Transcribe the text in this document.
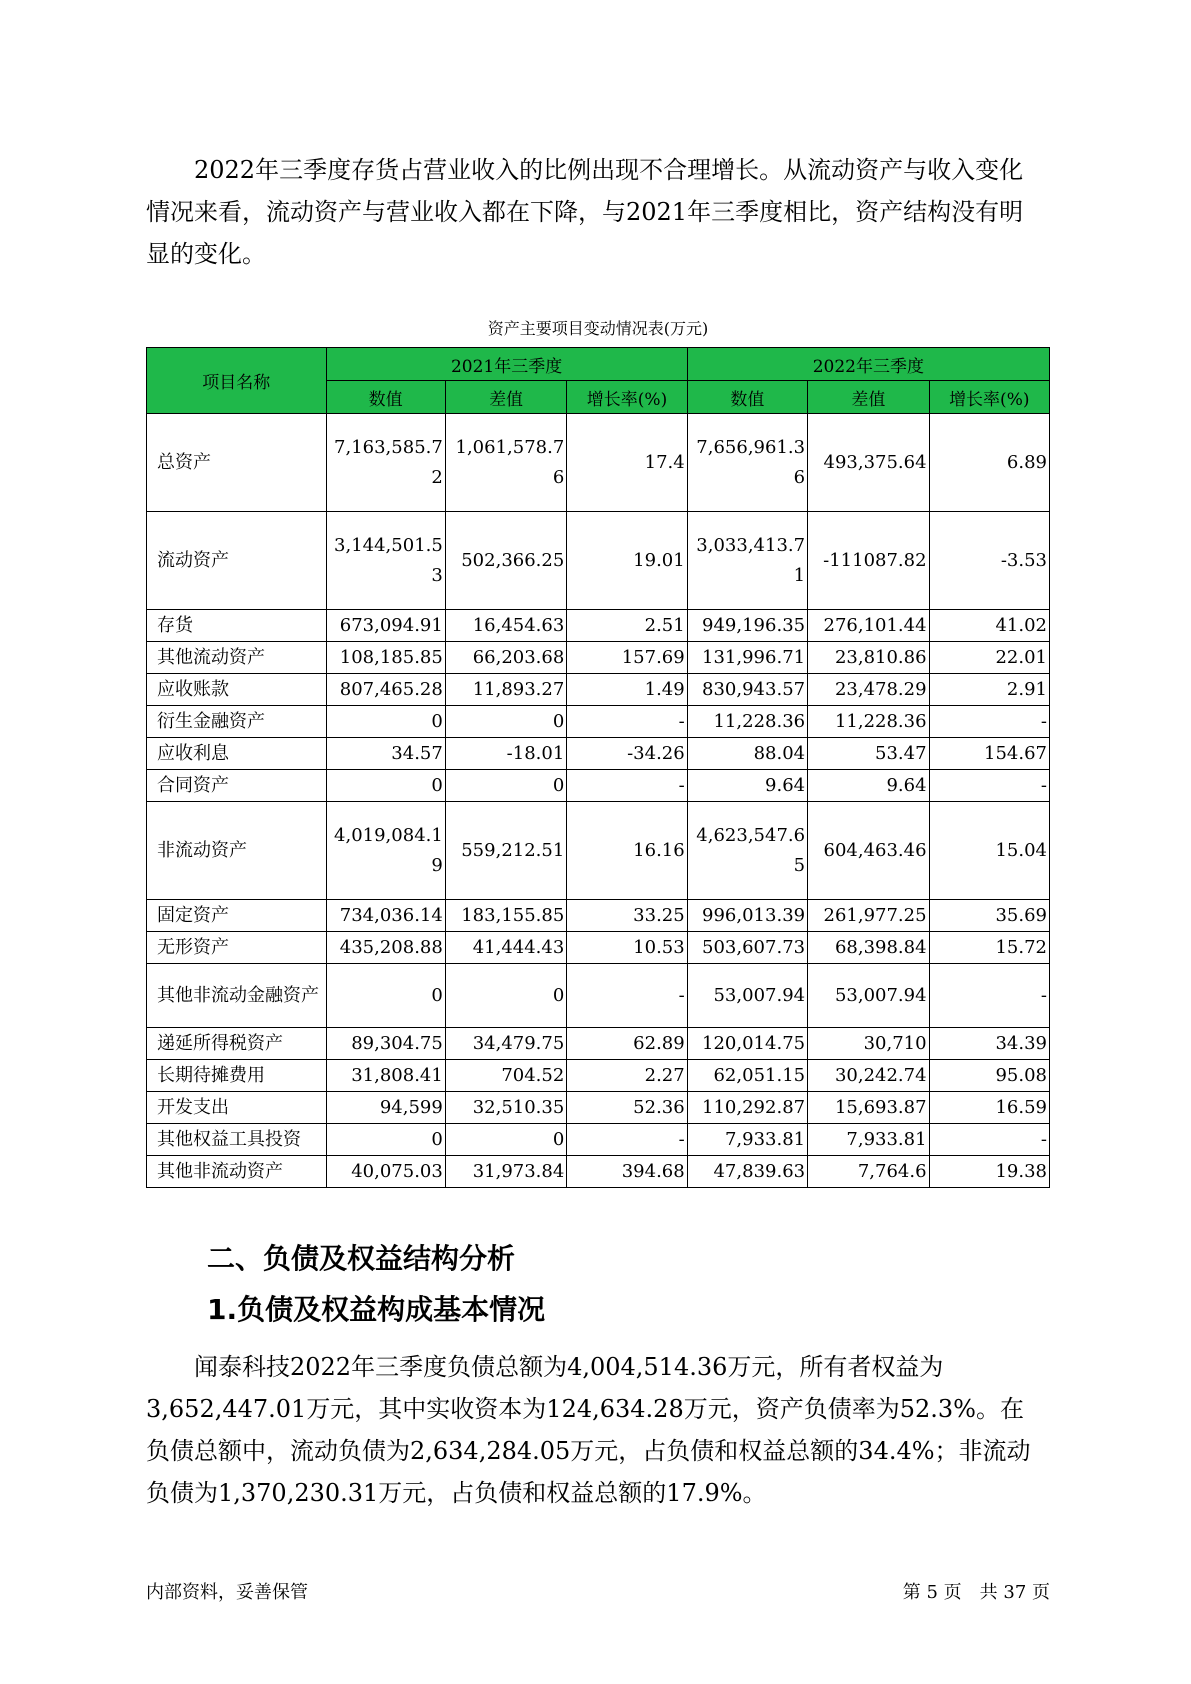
2022年三季度存货占营业收入的比例出现不合理增长。从流动资产与收入变化情况来看，流动资产与营业收入都在下降，与2021年三季度相比，资产结构没有明显的变化。

资产主要项目变动情况表(万元)
项目名称	2021年三季度			2022年三季度		
	数值	差值	增长率(%)	数值	差值	增长率(%)
总资产	7,163,585.72	1,061,578.76	17.4	7,656,961.36	493,375.64	6.89
流动资产	3,144,501.53	502,366.25	19.01	3,033,413.71	-111087.82	-3.53
存货	673,094.91	16,454.63	2.51	949,196.35	276,101.44	41.02
其他流动资产	108,185.85	66,203.68	157.69	131,996.71	23,810.86	22.01
应收账款	807,465.28	11,893.27	1.49	830,943.57	23,478.29	2.91
衍生金融资产	0	0	-	11,228.36	11,228.36	-
应收利息	34.57	-18.01	-34.26	88.04	53.47	154.67
合同资产	0	0	-	9.64	9.64	-
非流动资产	4,019,084.19	559,212.51	16.16	4,623,547.65	604,463.46	15.04
固定资产	734,036.14	183,155.85	33.25	996,013.39	261,977.25	35.69
无形资产	435,208.88	41,444.43	10.53	503,607.73	68,398.84	15.72
其他非流动金融资产	0	0	-	53,007.94	53,007.94	-
递延所得税资产	89,304.75	34,479.75	62.89	120,014.75	30,710	34.39
长期待摊费用	31,808.41	704.52	2.27	62,051.15	30,242.74	95.08
开发支出	94,599	32,510.35	52.36	110,292.87	15,693.87	16.59
其他权益工具投资	0	0	-	7,933.81	7,933.81	-
其他非流动资产	40,075.03	31,973.84	394.68	47,839.63	7,764.6	19.38
二、负债及权益结构分析
1.负债及权益构成基本情况

闻泰科技2022年三季度负债总额为4,004,514.36万元，所有者权益为3,652,447.01万元，其中实收资本为124,634.28万元，资产负债率为52.3%。在负债总额中，流动负债为2,634,284.05万元，占负债和权益总额的34.4%；非流动负债为1,370,230.31万元，占负债和权益总额的17.9%。

内部资料，妥善保管	第 5 页　共 37 页
